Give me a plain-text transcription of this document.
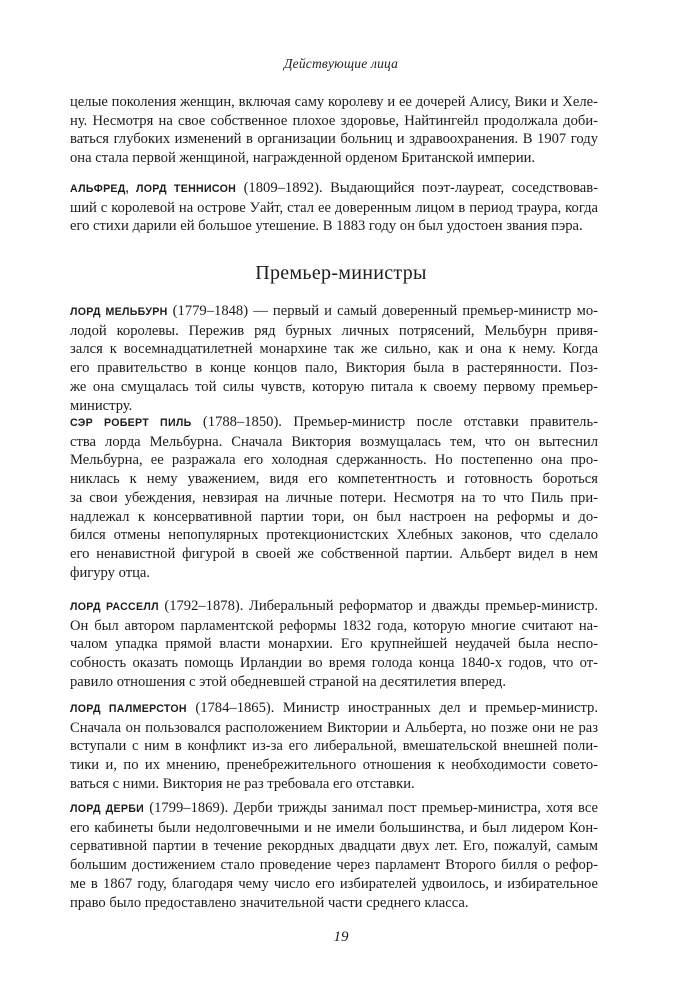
Действующие лица
целые поколения женщин, включая саму королеву и ее дочерей Алису, Вики и Хеле-
ну. Несмотря на свое собственное плохое здоровье, Найтингейл продолжала доби-
ваться глубоких изменений в организации больниц и здравоохранения. В 1907 году
она стала первой женщиной, награжденной орденом Британской империи.
АЛЬФРЕД, ЛОРД ТЕННИСОН (1809–1892). Выдающийся поэт-лауреат, соседствовав-
ший с королевой на острове Уайт, стал ее доверенным лицом в период траура, когда
его стихи дарили ей большое утешение. В 1883 году он был удостоен звания пэра.
Премьер-министры
ЛОРД МЕЛЬБУРН (1779–1848) — первый и самый доверенный премьер-министр мо-
лодой королевы. Пережив ряд бурных личных потрясений, Мельбурн привя-
зался к восемнадцатилетней монархине так же сильно, как и она к нему. Когда
его правительство в конце концов пало, Виктория была в растерянности. Поз-
же она смущалась той силы чувств, которую питала к своему первому премьер-
министру.
СЭР РОБЕРТ ПИЛЬ (1788–1850). Премьер-министр после отставки правитель-
ства лорда Мельбурна. Сначала Виктория возмущалась тем, что он вытеснил
Мельбурна, ее разражала его холодная сдержанность. Но постепенно она про-
никлась к нему уважением, видя его компетентность и готовность бороться
за свои убеждения, невзирая на личные потери. Несмотря на то что Пиль при-
надлежал к консервативной партии тори, он был настроен на реформы и до-
бился отмены непопулярных протекционистских Хлебных законов, что сделало
его ненавистной фигурой в своей же собственной партии. Альберт видел в нем
фигуру отца.
ЛОРД РАССЕЛЛ (1792–1878). Либеральный реформатор и дважды премьер-министр.
Он был автором парламентской реформы 1832 года, которую многие считают на-
чалом упадка прямой власти монархии. Его крупнейшей неудачей была неспо-
собность оказать помощь Ирландии во время голода конца 1840-х годов, что от-
равило отношения с этой обедневшей страной на десятилетия вперед.
ЛОРД ПАЛМЕРСТОН (1784–1865). Министр иностранных дел и премьер-министр.
Сначала он пользовался расположением Виктории и Альберта, но позже они не раз
вступали с ним в конфликт из-за его либеральной, вмешательской внешней поли-
тики и, по их мнению, пренебрежительного отношения к необходимости совето-
ваться с ними. Виктория не раз требовала его отставки.
ЛОРД ДЕРБИ (1799–1869). Дерби трижды занимал пост премьер-министра, хотя все
его кабинеты были недолговечными и не имели большинства, и был лидером Кон-
сервативной партии в течение рекордных двадцати двух лет. Его, пожалуй, самым
большим достижением стало проведение через парламент Второго билля о рефор-
ме в 1867 году, благодаря чему число его избирателей удвоилось, и избирательное
право было предоставлено значительной части среднего класса.
19
